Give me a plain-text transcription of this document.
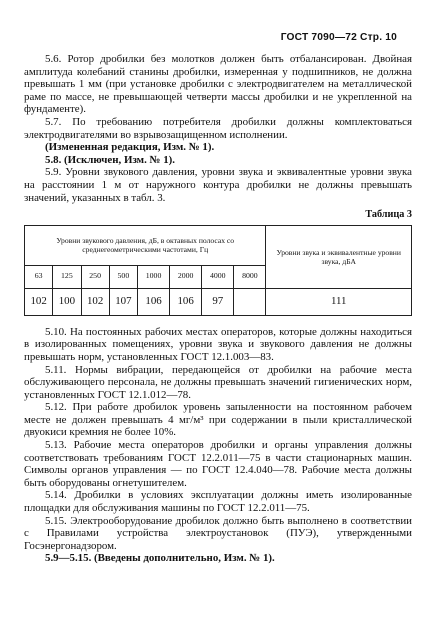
ГОСТ 7090—72 Стр. 10

5.6. Ротор дробилки без молотков должен быть отбалансирован. Двойная амплитуда колебаний станины дробилки, измеренная у подшипников, не должна превышать 1 мм (при установке дробилки с электродвигателем на металлической раме по массе, не превышающей четверти массы дробилки и не укрепленной на фундаменте).

5.7. По требованию потребителя дробилки должны комплектоваться электродвигателями во взрывозащищенном исполнении.

(Измененная редакция, Изм. № 1).

5.8. (Исключен, Изм. № 1).

5.9. Уровни звукового давления, уровни звука и эквивалентные уровни звука на расстоянии 1 м от наружного контура дробилки не должны превышать значений, указанных в табл. 3.

Таблица 3
Уровни звукового давления, дБ, в октавных полосах со среднегеометрическими частотами, Гц								Уровни звука и эквивалентные уровни звука, дБА
63	125	250	500	1000	2000	4000	8000	
102	100	102	107	106	106	97		111

5.10. На постоянных рабочих местах операторов, которые должны находиться в изолированных помещениях, уровни звука и звукового давления не должны превышать норм, установленных ГОСТ 12.1.003—83.

5.11. Нормы вибрации, передающейся от дробилки на рабочие места обслуживающего персонала, не должны превышать значений гигиенических норм, установленных ГОСТ 12.1.012—78.

5.12. При работе дробилок уровень запыленности на постоянном рабочем месте не должен превышать 4 мг/м³ при содержании в пыли кристаллической двуокиси кремния не более 10%.

5.13. Рабочие места операторов дробилки и органы управления должны соответствовать требованиям ГОСТ 12.2.011—75 в части стационарных машин. Символы органов управления — по ГОСТ 12.4.040—78. Рабочие места должны быть оборудованы огнетушителем.

5.14. Дробилки в условиях эксплуатации должны иметь изолированные площадки для обслуживания машины по ГОСТ 12.2.011—75.

5.15. Электрооборудование дробилок должно быть выполнено в соответствии с Правилами устройства электроустановок (ПУЭ), утвержденными Госэнергонадзором.

5.9—5.15. (Введены дополнительно, Изм. № 1).
